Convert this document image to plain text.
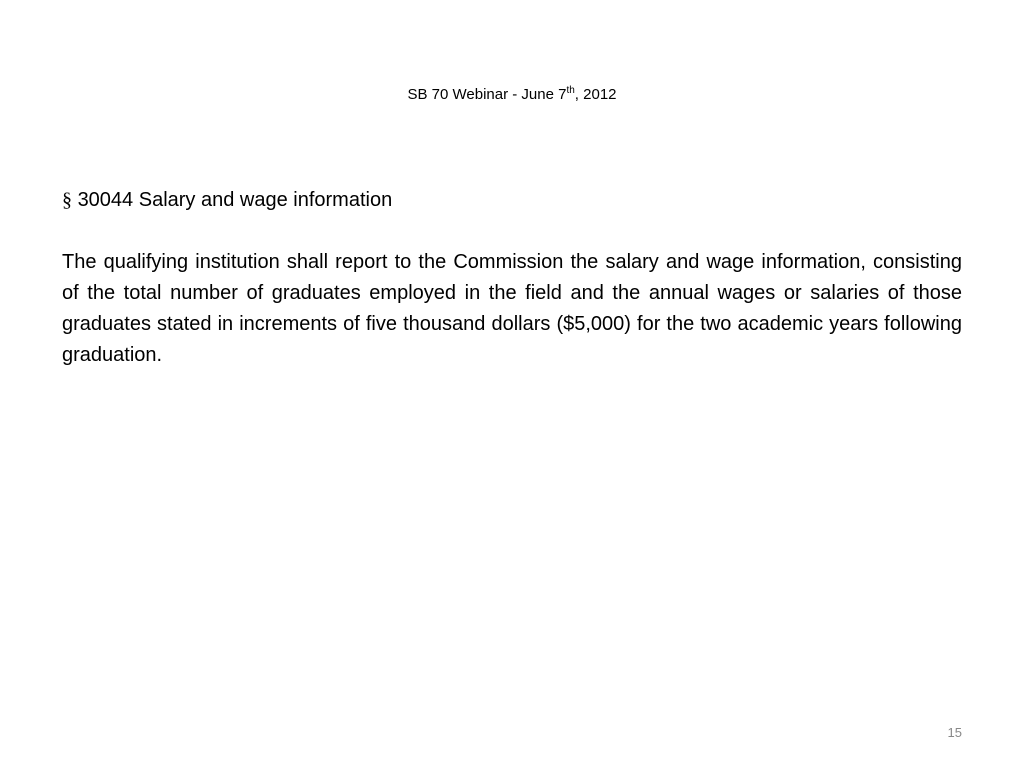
SB 70 Webinar - June 7th, 2012
§ 30044 Salary and wage information

The qualifying institution shall report to the Commission the salary and wage information, consisting of the total number of graduates employed in the field and the annual wages or salaries of those graduates stated in increments of five thousand dollars ($5,000) for the two academic years following graduation.

15
